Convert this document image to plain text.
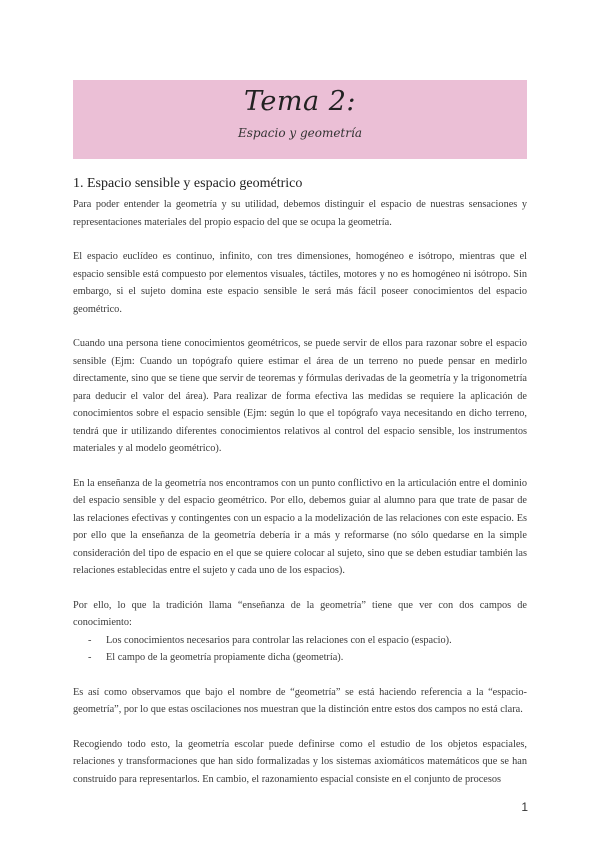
Tema 2:
Espacio y geometría
1. Espacio sensible y espacio geométrico

Para poder entender la geometría y su utilidad, debemos distinguir el espacio de nuestras sensaciones y representaciones materiales del propio espacio del que se ocupa la geometría.

El espacio euclídeo es continuo, infinito, con tres dimensiones, homogéneo e isótropo, mientras que el espacio sensible está compuesto por elementos visuales, táctiles, motores y no es homogéneo ni isótropo. Sin embargo, si el sujeto domina este espacio sensible le será más fácil poseer conocimientos del espacio geométrico.

Cuando una persona tiene conocimientos geométricos, se puede servir de ellos para razonar sobre el espacio sensible (Ejm: Cuando un topógrafo quiere estimar el área de un terreno no puede pensar en medirlo directamente, sino que se tiene que servir de teoremas y fórmulas derivadas de la geometría y la trigonometría para deducir el valor del área). Para realizar de forma efectiva las medidas se requiere la aplicación de conocimientos sobre el espacio sensible (Ejm: según lo que el topógrafo vaya necesitando en dicho terreno, tendrá que ir utilizando diferentes conocimientos relativos al control del espacio sensible, los instrumentos materiales y al modelo geométrico).

En la enseñanza de la geometría nos encontramos con un punto conflictivo en la articulación entre el dominio del espacio sensible y del espacio geométrico. Por ello, debemos guiar al alumno para que trate de pasar de las relaciones efectivas y contingentes con un espacio a la modelización de las relaciones con este espacio. Es por ello que la enseñanza de la geometría debería ir a más y reformarse (no sólo quedarse en la simple consideración del tipo de espacio en el que se quiere colocar al sujeto, sino que se deben estudiar también las relaciones establecidas entre el sujeto y cada uno de los espacios).

Por ello, lo que la tradición llama “enseñanza de la geometría” tiene que ver con dos campos de conocimiento:

- Los conocimientos necesarios para controlar las relaciones con el espacio (espacio).
- El campo de la geometría propiamente dicha (geometría).

Es así como observamos que bajo el nombre de “geometría” se está haciendo referencia a la “espacio-geometría”, por lo que estas oscilaciones nos muestran que la distinción entre estos dos campos no está clara.

Recogiendo todo esto, la geometría escolar puede definirse como el estudio de los objetos espaciales, relaciones y transformaciones que han sido formalizadas y los sistemas axiomáticos matemáticos que se han construido para representarlos. En cambio, el razonamiento espacial consiste en el conjunto de procesos

1
